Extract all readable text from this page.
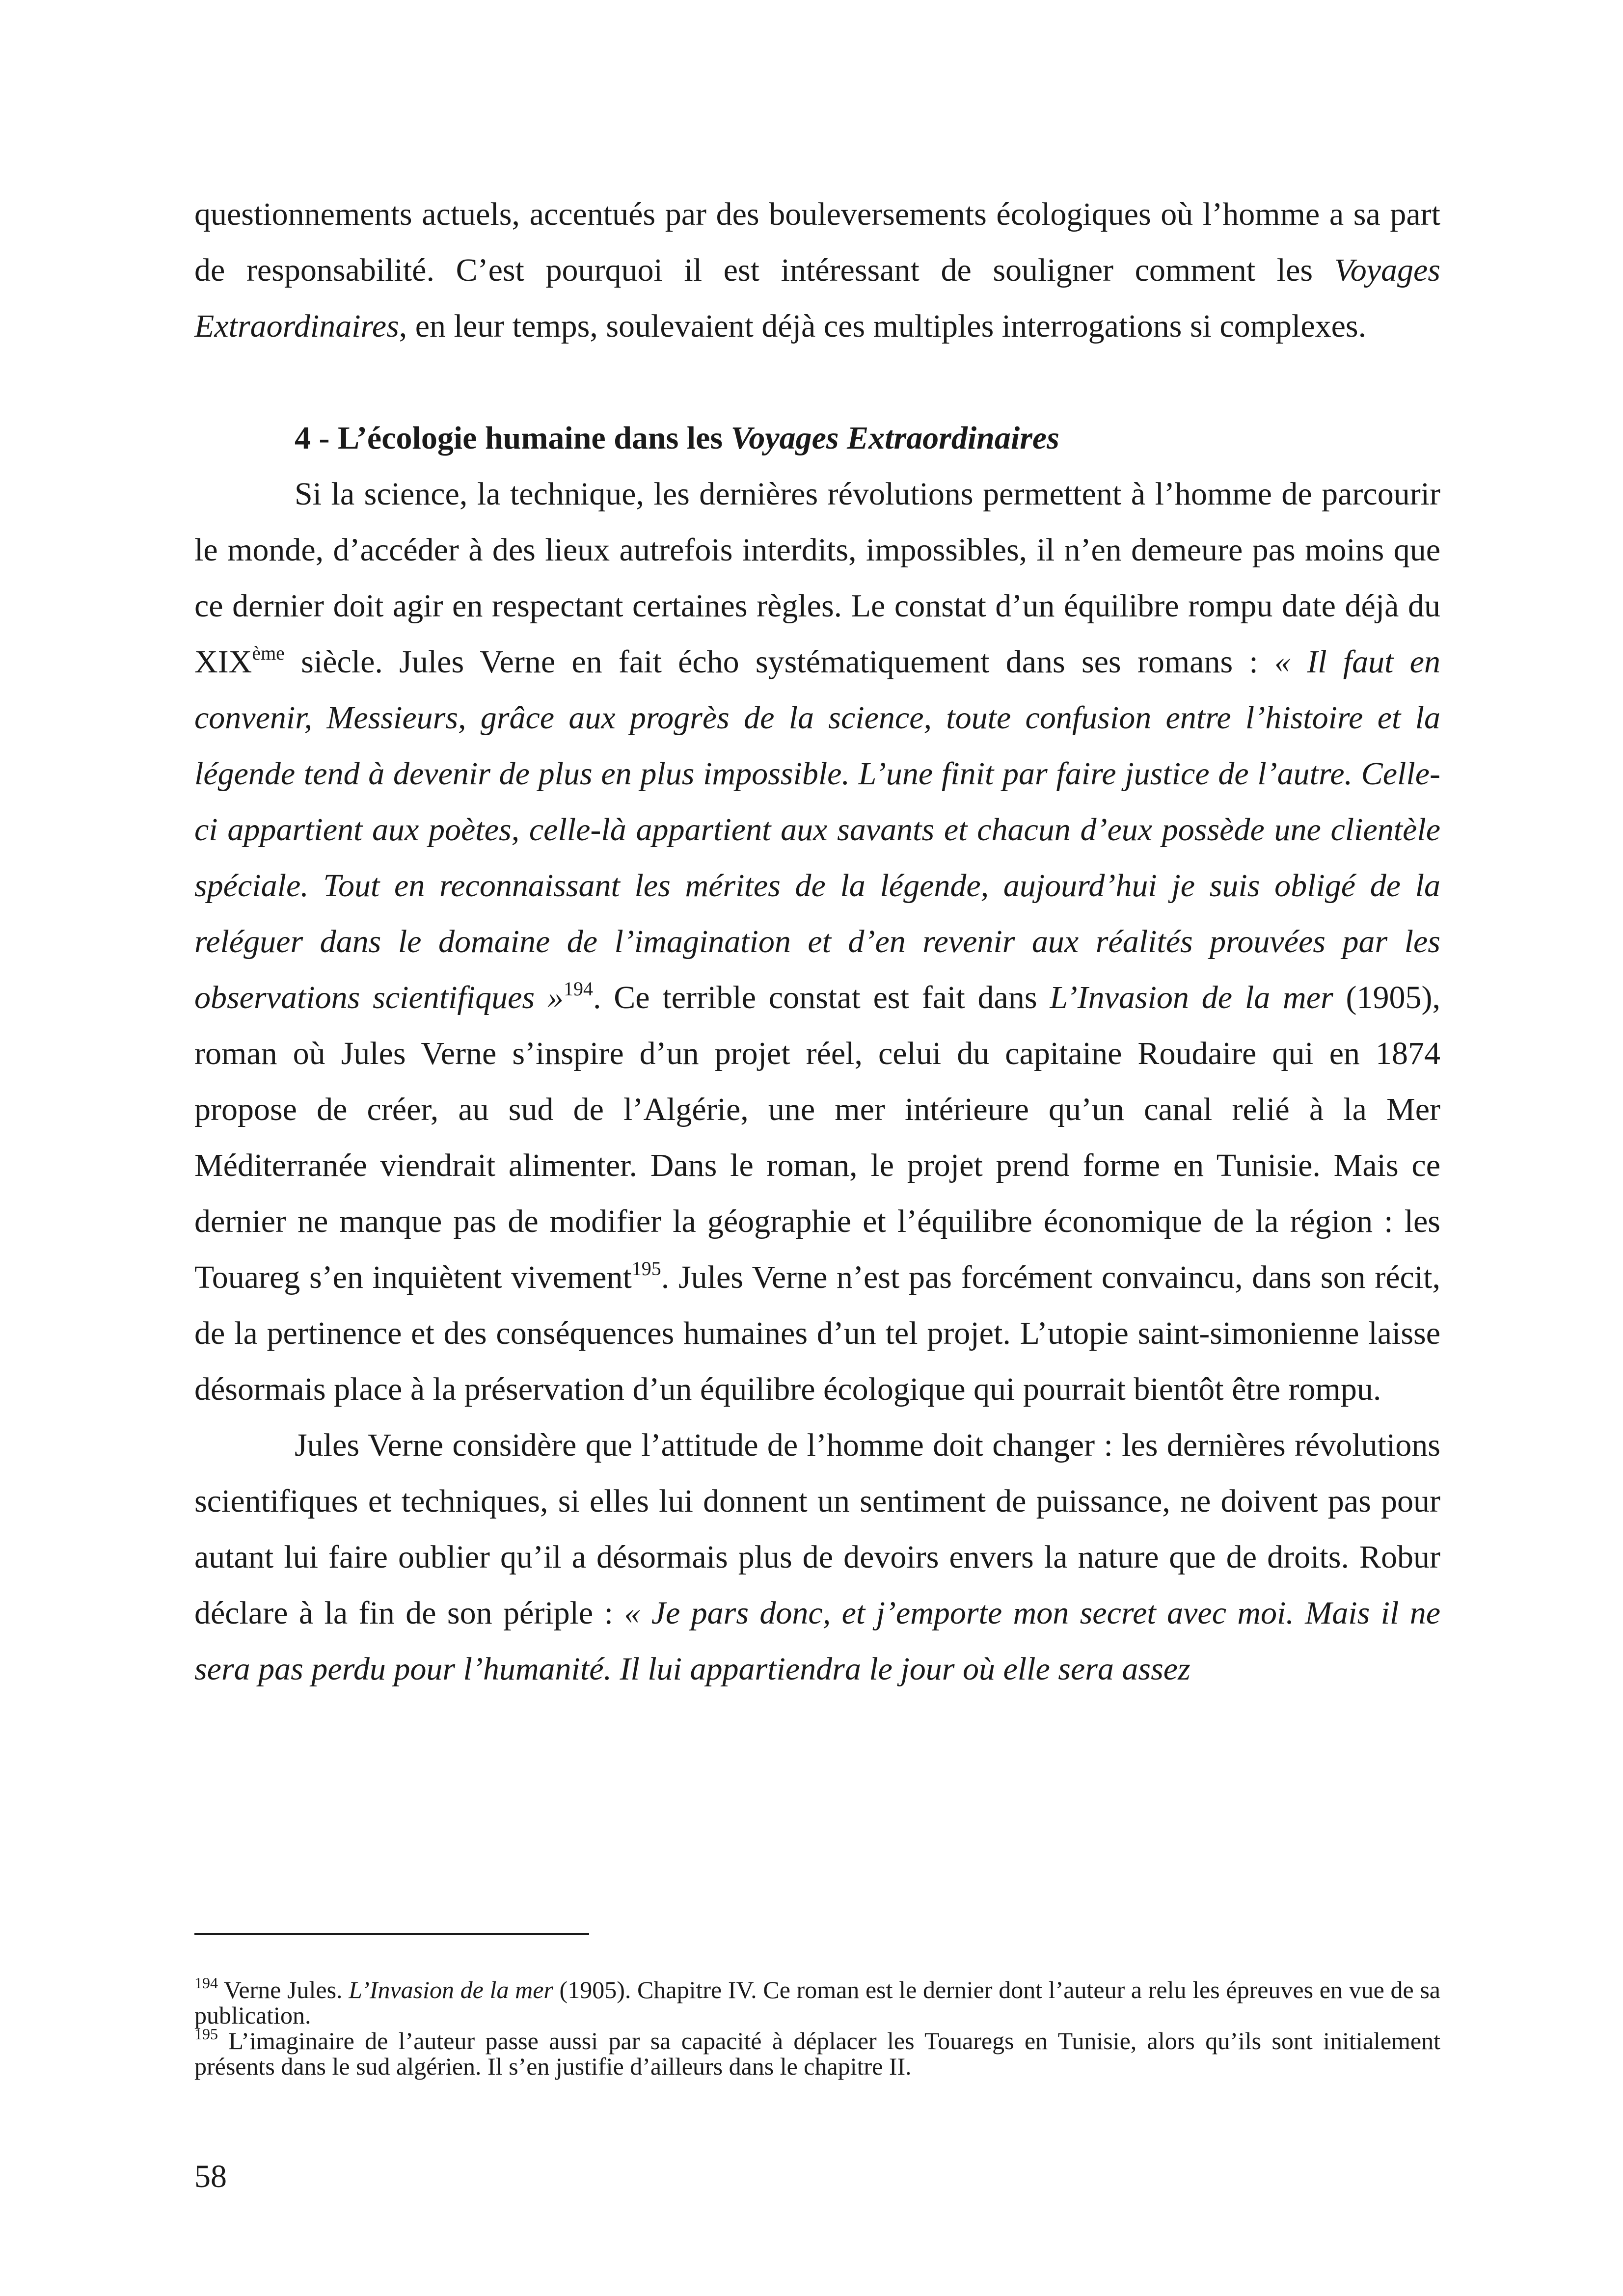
questionnements actuels, accentués par des bouleversements écologiques où l’homme a sa part de responsabilité. C’est pourquoi il est intéressant de souligner comment les Voyages Extraordinaires, en leur temps, soulevaient déjà ces multiples interrogations si complexes.

4 - L’écologie humaine dans les Voyages Extraordinaires

Si la science, la technique, les dernières révolutions permettent à l’homme de parcourir le monde, d’accéder à des lieux autrefois interdits, impossibles, il n’en demeure pas moins que ce dernier doit agir en respectant certaines règles. Le constat d’un équilibre rompu date déjà du XIXème siècle. Jules Verne en fait écho systématiquement dans ses romans : « Il faut en convenir, Messieurs, grâce aux progrès de la science, toute confusion entre l’histoire et la légende tend à devenir de plus en plus impossible. L’une finit par faire justice de l’autre. Celle-ci appartient aux poètes, celle-là appartient aux savants et chacun d’eux possède une clientèle spéciale. Tout en reconnaissant les mérites de la légende, aujourd’hui je suis obligé de la reléguer dans le domaine de l’imagination et d’en revenir aux réalités prouvées par les observations scientifiques »$^{194}$. Ce terrible constat est fait dans L’Invasion de la mer (1905), roman où Jules Verne s’inspire d’un projet réel, celui du capitaine Roudaire qui en 1874 propose de créer, au sud de l’Algérie, une mer intérieure qu’un canal relié à la Mer Méditerranée viendrait alimenter. Dans le roman, le projet prend forme en Tunisie. Mais ce dernier ne manque pas de modifier la géographie et l’équilibre économique de la région : les Touareg s’en inquiètent vivement$^{195}$. Jules Verne n’est pas forcément convaincu, dans son récit, de la pertinence et des conséquences humaines d’un tel projet. L’utopie saint-simonienne laisse désormais place à la préservation d’un équilibre écologique qui pourrait bientôt être rompu.

Jules Verne considère que l’attitude de l’homme doit changer : les dernières révolutions scientifiques et techniques, si elles lui donnent un sentiment de puissance, ne doivent pas pour autant lui faire oublier qu’il a désormais plus de devoirs envers la nature que de droits. Robur déclare à la fin de son périple : « Je pars donc, et j’emporte mon secret avec moi. Mais il ne sera pas perdu pour l’humanité. Il lui appartiendra le jour où elle sera assez

$^{194}$ Verne Jules. L’Invasion de la mer (1905). Chapitre IV. Ce roman est le dernier dont l’auteur a relu les épreuves en vue de sa publication.

$^{195}$ L’imaginaire de l’auteur passe aussi par sa capacité à déplacer les Touaregs en Tunisie, alors qu’ils sont initialement présents dans le sud algérien. Il s’en justifie d’ailleurs dans le chapitre II.

58
